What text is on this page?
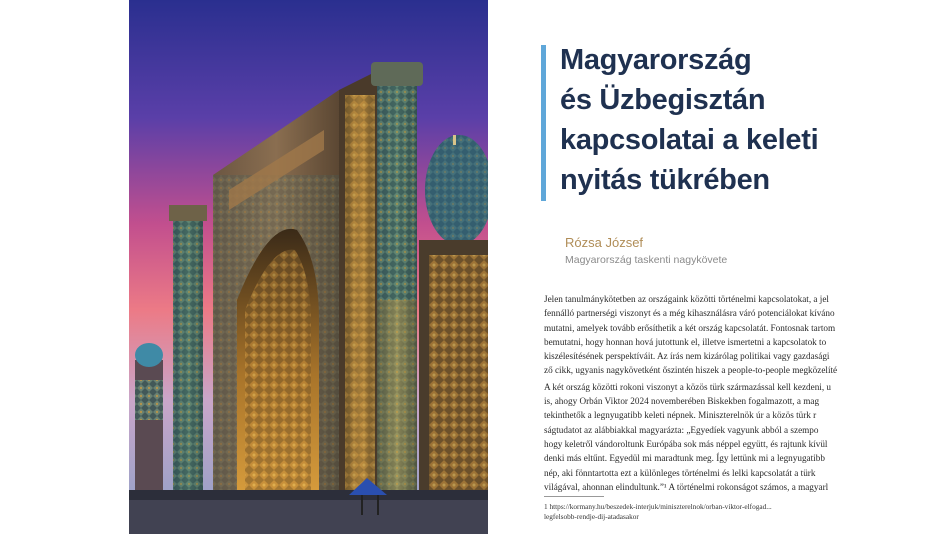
Magyarország
és Üzbegisztán
kapcsolatai a keleti
nyitás tükrében
Rózsa József
Magyarország taskenti nagykövete

Jelen tanulmánykötetben az országaink közötti történelmi kapcsolatokat, a jel
fennálló partnerségi viszonyt és a még kihasználásra váró potenciálokat kíváno
mutatni, amelyek tovább erősíthetik a két ország kapcsolatát. Fontosnak tartom
bemutatni, hogy honnan hová jutottunk el, illetve ismertetni a kapcsolatok to
kiszélesítésének perspektíváit. Az írás nem kizárólag politikai vagy gazdasági
ző cikk, ugyanis nagykövetként őszintén hiszek a people-to-people megközelíté

A két ország közötti rokoni viszonyt a közös türk származással kell kezdeni, u
is, ahogy Orbán Viktor 2024 novemberében Biskekben fogalmazott, a mag
tekinthetők a legnyugatibb keleti népnek. Miniszterelnök úr a közös türk r
ságtudatot az alábbiakkal magyarázta: „Egyedíek vagyunk abból a szempo
hogy keletről vándoroltunk Európába sok más néppel együtt, és rajtunk kívül
denki más eltűnt. Egyedül mi maradtunk meg. Így lettünk mi a legnyugatibb
nép, aki fönntartotta ezt a különleges történelmi és lelki kapcsolatát a türk
világával, ahonnan elindultunk.”¹ A történelmi rokonságot számos, a magyarl

1 https://kormany.hu/beszedek-interjuk/miniszterelnok/orban-viktor-elfogad...
legfelsobb-rendje-dij-atadasakor
